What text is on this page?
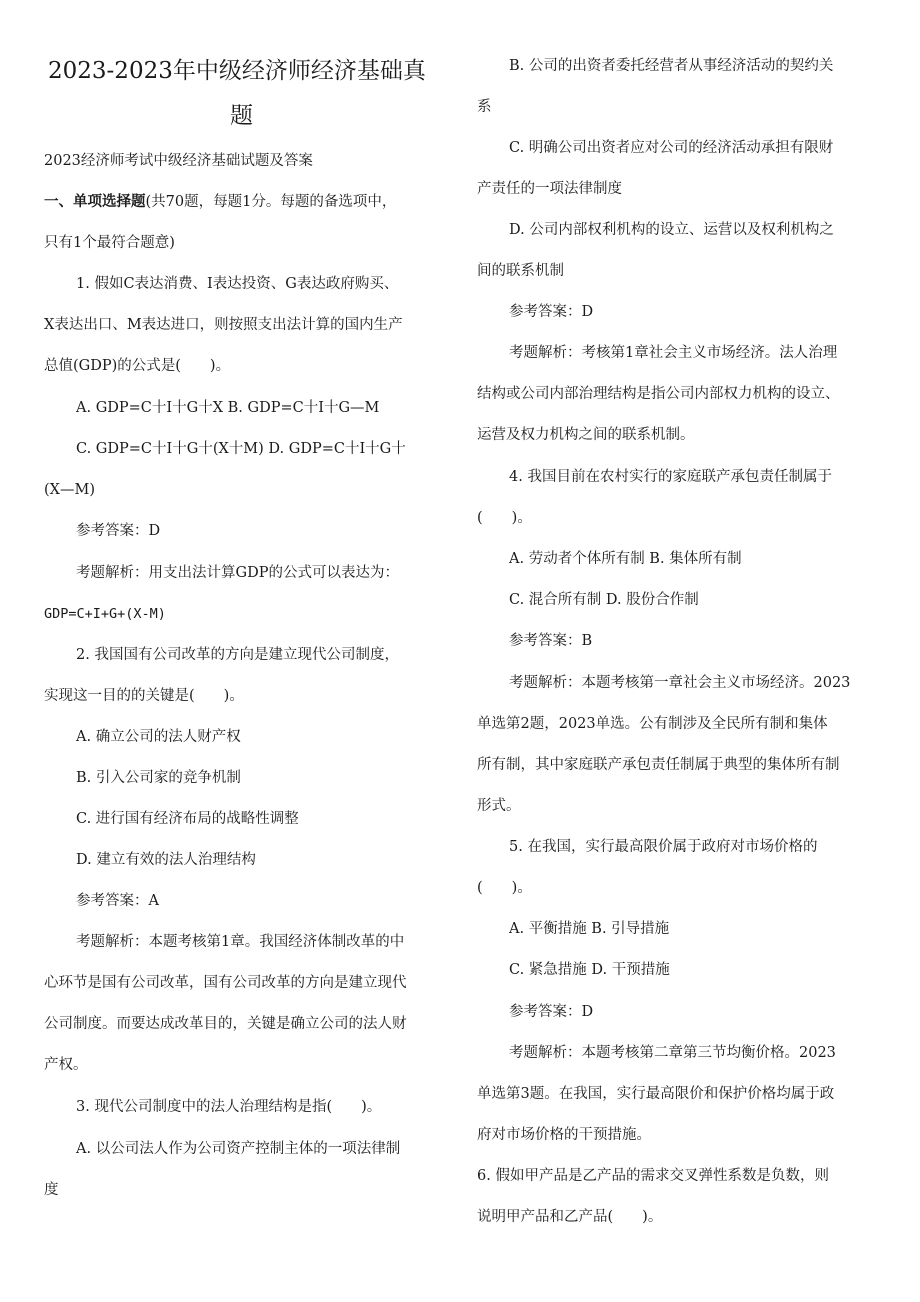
2023-2023年中级经济师经济基础真
题
2023经济师考试中级经济基础试题及答案
一、单项选择题(共70题，每题1分。每题的备选项中，
只有1个最符合题意)
1. 假如C表达消费、I表达投资、G表达政府购买、
X表达出口、M表达进口，则按照支出法计算的国内生产
总值(GDP)的公式是(　　)。
A. GDP=C十I十G十X B. GDP=C十I十G—M
C. GDP=C十I十G十(X十M) D. GDP=C十I十G十
(X—M)
参考答案：D
考题解析：用支出法计算GDP的公式可以表达为：
GDP=C+I+G+(X-M)
2. 我国国有公司改革的方向是建立现代公司制度，
实现这一目的的关键是(　　)。
A. 确立公司的法人财产权
B. 引入公司家的竞争机制
C. 进行国有经济布局的战略性调整
D. 建立有效的法人治理结构
参考答案：A
考题解析：本题考核第1章。我国经济体制改革的中
心环节是国有公司改革，国有公司改革的方向是建立现代
公司制度。而要达成改革目的，关键是确立公司的法人财
产权。
3. 现代公司制度中的法人治理结构是指(　　)。
A. 以公司法人作为公司资产控制主体的一项法律制
度
B. 公司的出资者委托经营者从事经济活动的契约关
系
C. 明确公司出资者应对公司的经济活动承担有限财
产责任的一项法律制度
D. 公司内部权利机构的设立、运营以及权利机构之
间的联系机制
参考答案：D
考题解析：考核第1章社会主义市场经济。法人治理
结构或公司内部治理结构是指公司内部权力机构的设立、
运营及权力机构之间的联系机制。
4. 我国目前在农村实行的家庭联产承包责任制属于
(　　)。
A. 劳动者个体所有制 B. 集体所有制
C. 混合所有制 D. 股份合作制
参考答案：B
考题解析：本题考核第一章社会主义市场经济。2023
单选第2题，2023单选。公有制涉及全民所有制和集体
所有制，其中家庭联产承包责任制属于典型的集体所有制
形式。
5. 在我国，实行最高限价属于政府对市场价格的
(　　)。
A. 平衡措施 B. 引导措施
C. 紧急措施 D. 干预措施
参考答案：D
考题解析：本题考核第二章第三节均衡价格。2023
单选第3题。在我国，实行最高限价和保护价格均属于政
府对市场价格的干预措施。
6. 假如甲产品是乙产品的需求交叉弹性系数是负数，则
说明甲产品和乙产品(　　)。
